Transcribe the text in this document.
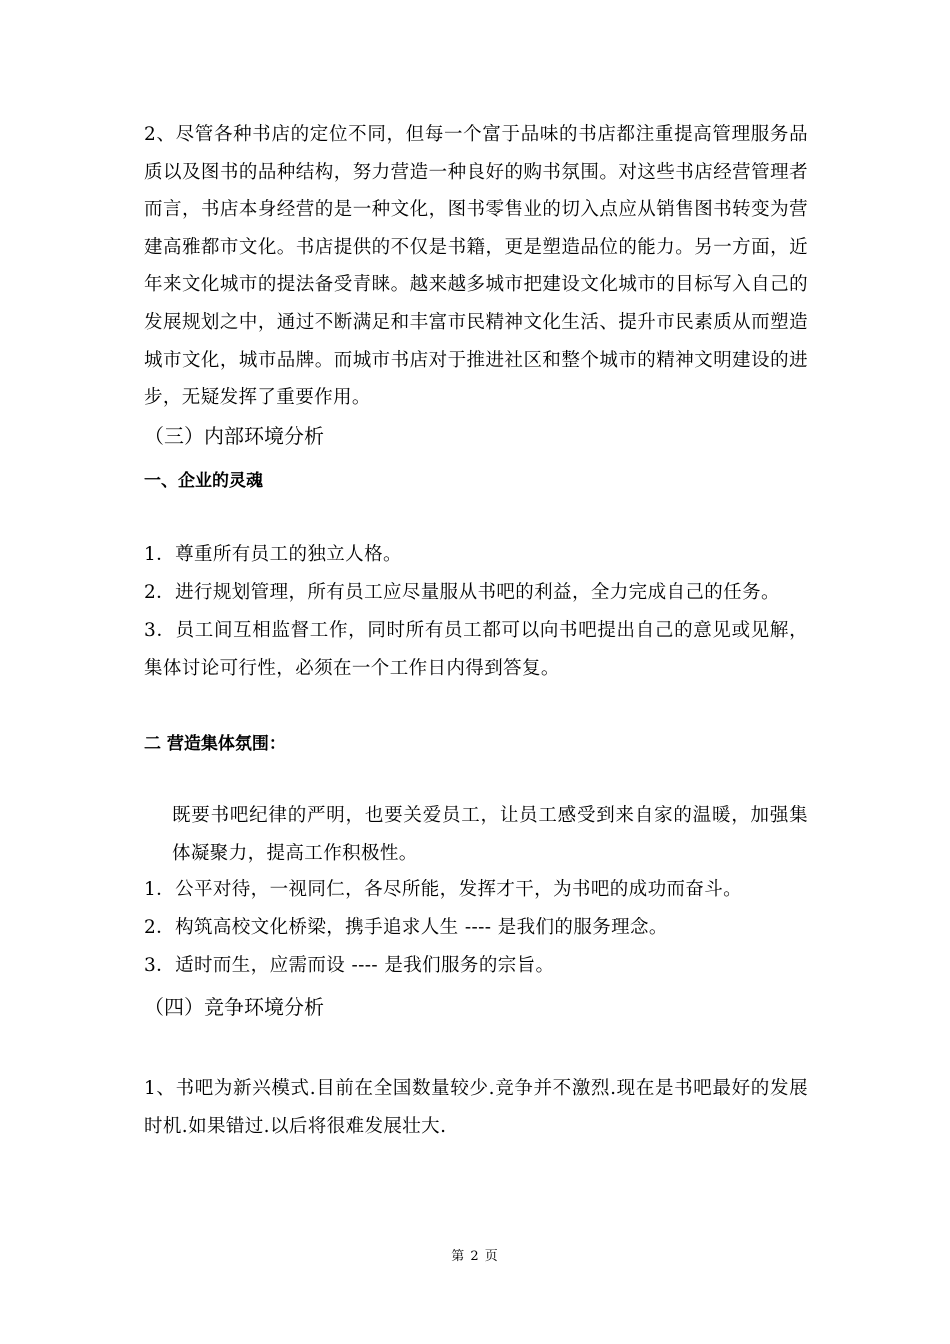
2、尽管各种书店的定位不同，但每一个富于品味的书店都注重提高管理服务品质以及图书的品种结构，努力营造一种良好的购书氛围。对这些书店经营管理者而言，书店本身经营的是一种文化，图书零售业的切入点应从销售图书转变为营建高雅都市文化。书店提供的不仅是书籍，更是塑造品位的能力。另一方面，近年来文化城市的提法备受青睐。越来越多城市把建设文化城市的目标写入自己的发展规划之中，通过不断满足和丰富市民精神文化生活、提升市民素质从而塑造城市文化，城市品牌。而城市书店对于推进社区和整个城市的精神文明建设的进步，无疑发挥了重要作用。
（三）内部环境分析
一、企业的灵魂
1．尊重所有员工的独立人格。
2．进行规划管理，所有员工应尽量服从书吧的利益，全力完成自己的任务。
3．员工间互相监督工作，同时所有员工都可以向书吧提出自己的意见或见解，集体讨论可行性，必须在一个工作日内得到答复。
二 营造集体氛围：
既要书吧纪律的严明，也要关爱员工，让员工感受到来自家的温暖，加强集体凝聚力，提高工作积极性。
1．公平对待，一视同仁，各尽所能，发挥才干，为书吧的成功而奋斗。
2．构筑高校文化桥梁，携手追求人生 ---- 是我们的服务理念。
3．适时而生，应需而设 ---- 是我们服务的宗旨。
（四）竞争环境分析
1、书吧为新兴模式.目前在全国数量较少.竞争并不激烈.现在是书吧最好的发展时机.如果错过.以后将很难发展壮大.
第 2 页
